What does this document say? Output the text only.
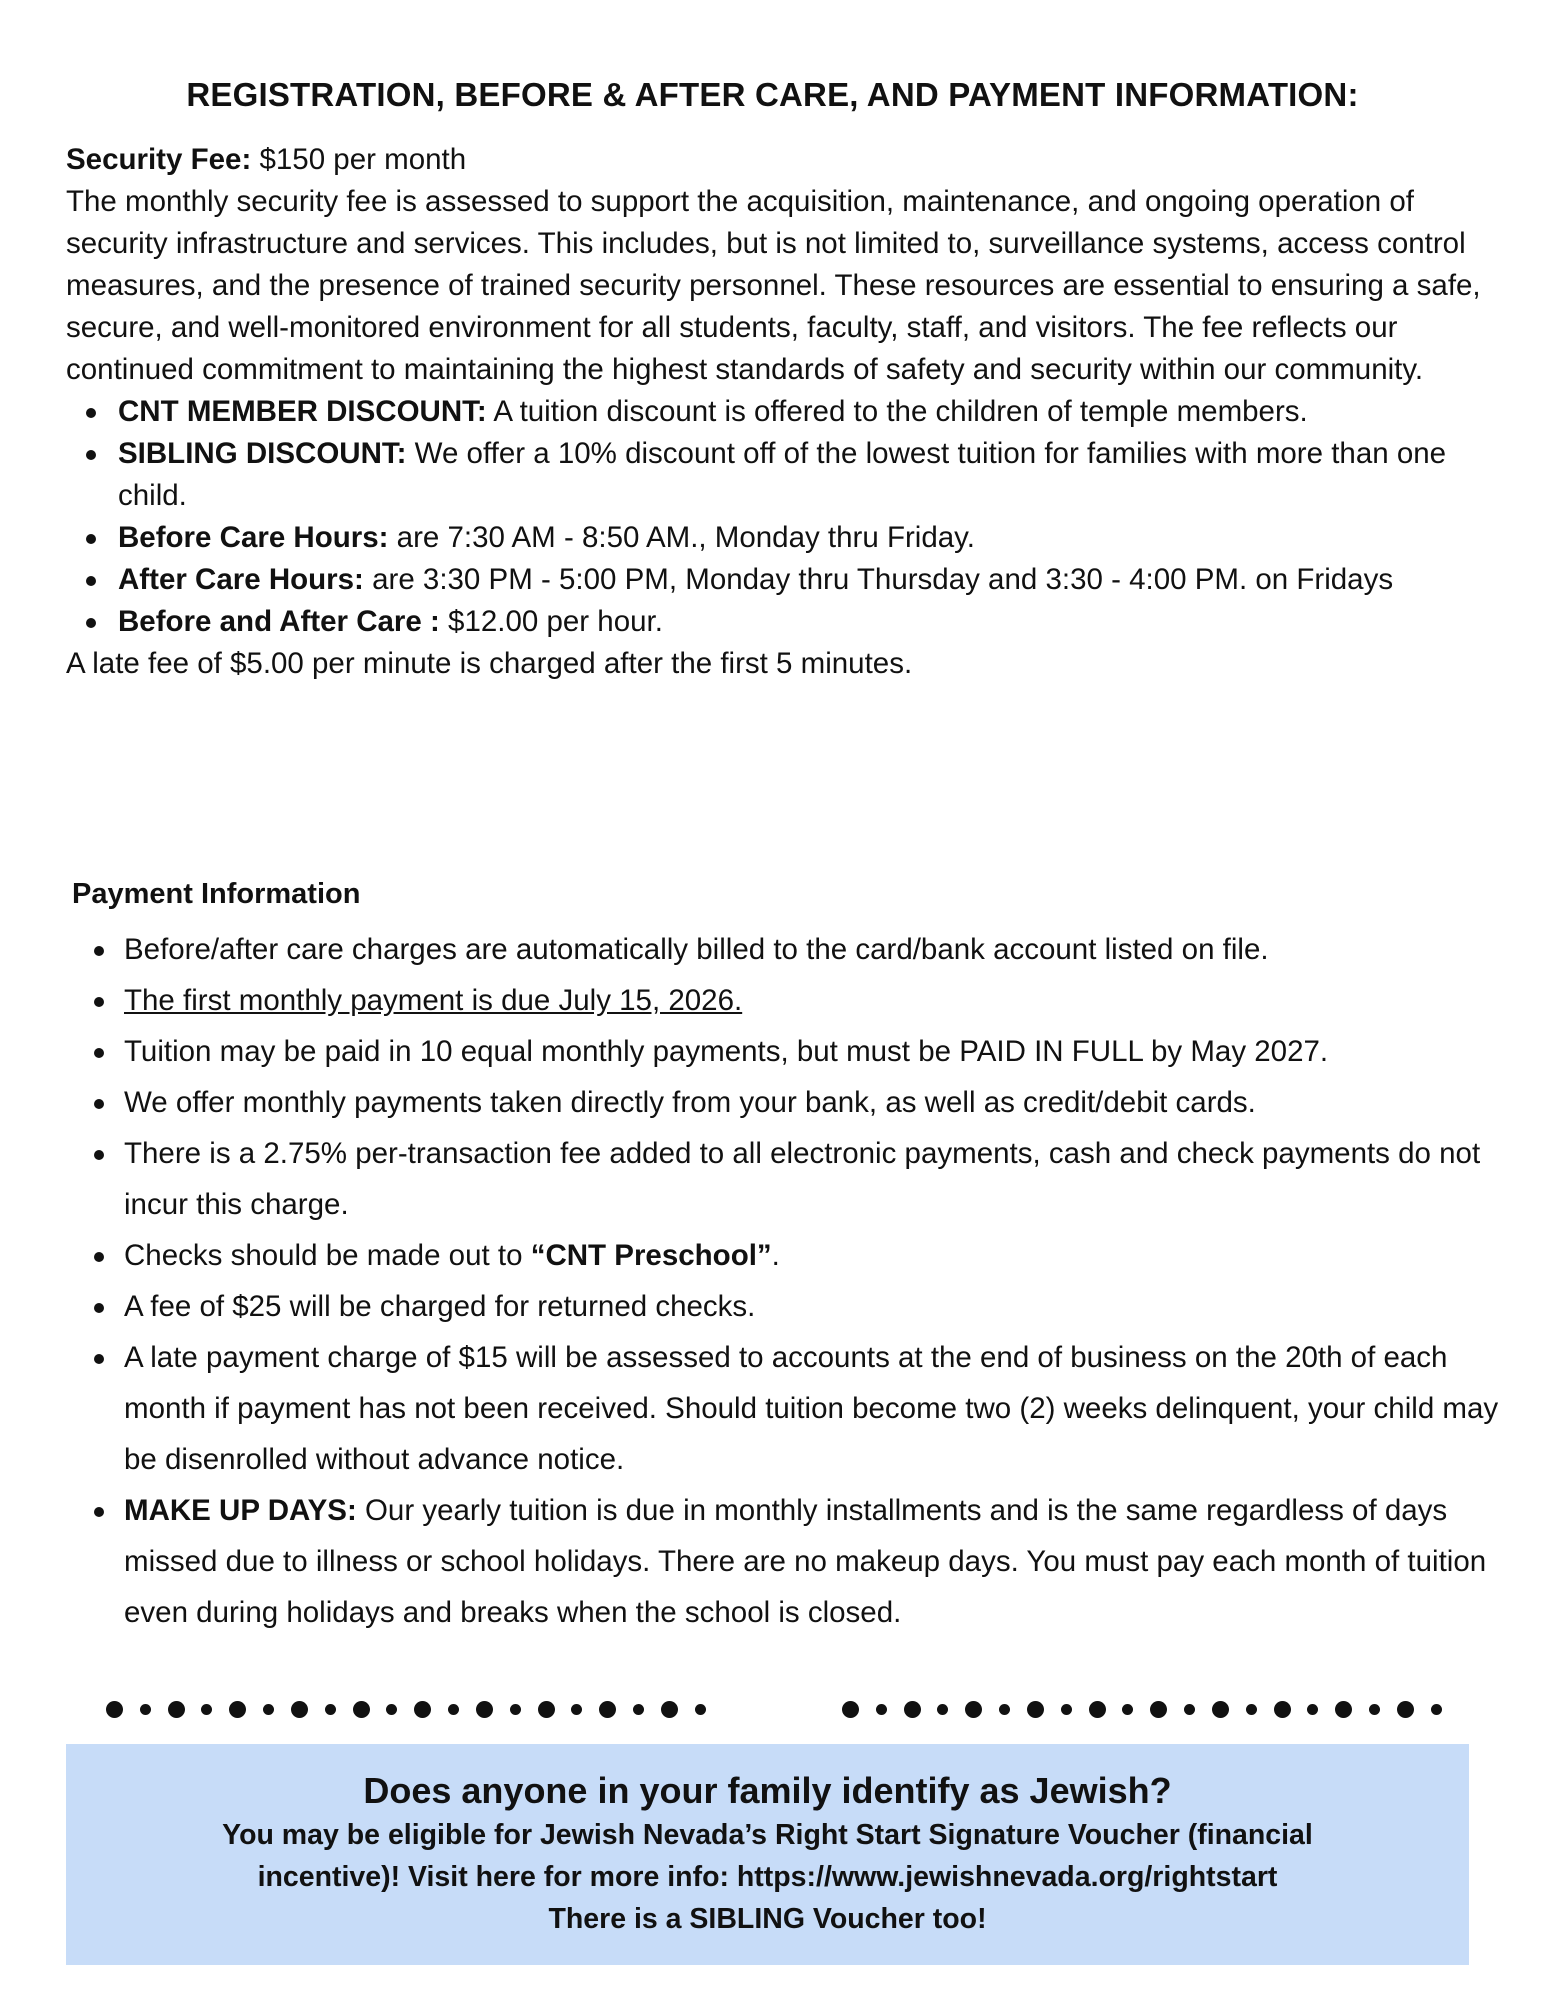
REGISTRATION, BEFORE & AFTER CARE, AND PAYMENT INFORMATION:

Security Fee: $150 per month

The monthly security fee is assessed to support the acquisition, maintenance, and ongoing operation of security infrastructure and services. This includes, but is not limited to, surveillance systems, access control measures, and the presence of trained security personnel. These resources are essential to ensuring a safe, secure, and well-monitored environment for all students, faculty, staff, and visitors. The fee reflects our continued commitment to maintaining the highest standards of safety and security within our community.

CNT MEMBER DISCOUNT: A tuition discount is offered to the children of temple members.
SIBLING DISCOUNT: We offer a 10% discount off of the lowest tuition for families with more than one child.
Before Care Hours: are 7:30 AM - 8:50 AM., Monday thru Friday.
After Care Hours: are 3:30 PM - 5:00 PM, Monday thru Thursday and 3:30 - 4:00 PM. on Fridays
Before and After Care : $12.00 per hour.

A late fee of $5.00 per minute is charged after the first 5 minutes.

Payment Information
Before/after care charges are automatically billed to the card/bank account listed on file.
The first monthly payment is due July 15, 2026.
Tuition may be paid in 10 equal monthly payments, but must be PAID IN FULL by May 2027.
We offer monthly payments taken directly from your bank, as well as credit/debit cards.
There is a 2.75% per-transaction fee added to all electronic payments, cash and check payments do not incur this charge.
Checks should be made out to “CNT Preschool”.
A fee of $25 will be charged for returned checks.
A late payment charge of $15 will be assessed to accounts at the end of business on the 20th of each month if payment has not been received. Should tuition become two (2) weeks delinquent, your child may be disenrolled without advance notice.
MAKE UP DAYS: Our yearly tuition is due in monthly installments and is the same regardless of days missed due to illness or school holidays. There are no makeup days. You must pay each month of tuition even during holidays and breaks when the school is closed.
Does anyone in your family identify as Jewish?
You may be eligible for Jewish Nevada’s Right Start Signature Voucher (financial
incentive)! Visit here for more info: https://www.jewishnevada.org/rightstart
There is a SIBLING Voucher too!
